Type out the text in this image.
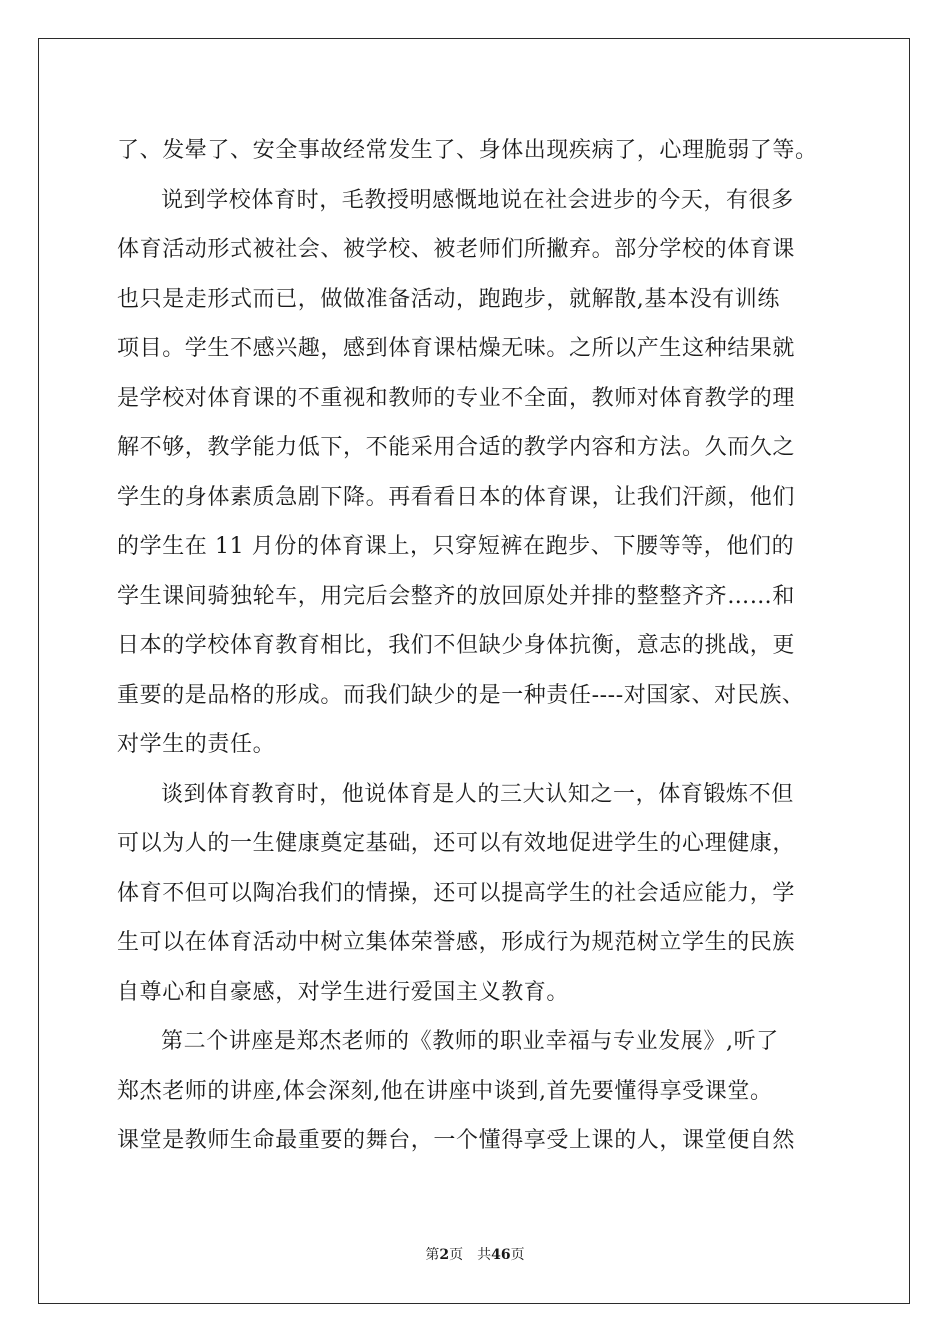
了、发晕了、安全事故经常发生了、身体出现疾病了，心理脆弱了等。
说到学校体育时，毛教授明感慨地说在社会进步的今天，有很多
体育活动形式被社会、被学校、被老师们所撇弃。部分学校的体育课
也只是走形式而已，做做准备活动，跑跑步，就解散,基本没有训练
项目。学生不感兴趣，感到体育课枯燥无味。之所以产生这种结果就
是学校对体育课的不重视和教师的专业不全面，教师对体育教学的理
解不够，教学能力低下，不能采用合适的教学内容和方法。久而久之
学生的身体素质急剧下降。再看看日本的体育课，让我们汗颜，他们
的学生在 11 月份的体育课上，只穿短裤在跑步、下腰等等，他们的
学生课间骑独轮车，用完后会整齐的放回原处并排的整整齐齐……和
日本的学校体育教育相比，我们不但缺少身体抗衡，意志的挑战，更
重要的是品格的形成。而我们缺少的是一种责任----对国家、对民族、
对学生的责任。
谈到体育教育时，他说体育是人的三大认知之一，体育锻炼不但
可以为人的一生健康奠定基础，还可以有效地促进学生的心理健康，
体育不但可以陶冶我们的情操，还可以提高学生的社会适应能力，学
生可以在体育活动中树立集体荣誉感，形成行为规范树立学生的民族
自尊心和自豪感，对学生进行爱国主义教育。
第二个讲座是郑杰老师的《教师的职业幸福与专业发展》,听了
郑杰老师的讲座,体会深刻,他在讲座中谈到,首先要懂得享受课堂。
课堂是教师生命最重要的舞台，一个懂得享受上课的人，课堂便自然
第2页 共46页
